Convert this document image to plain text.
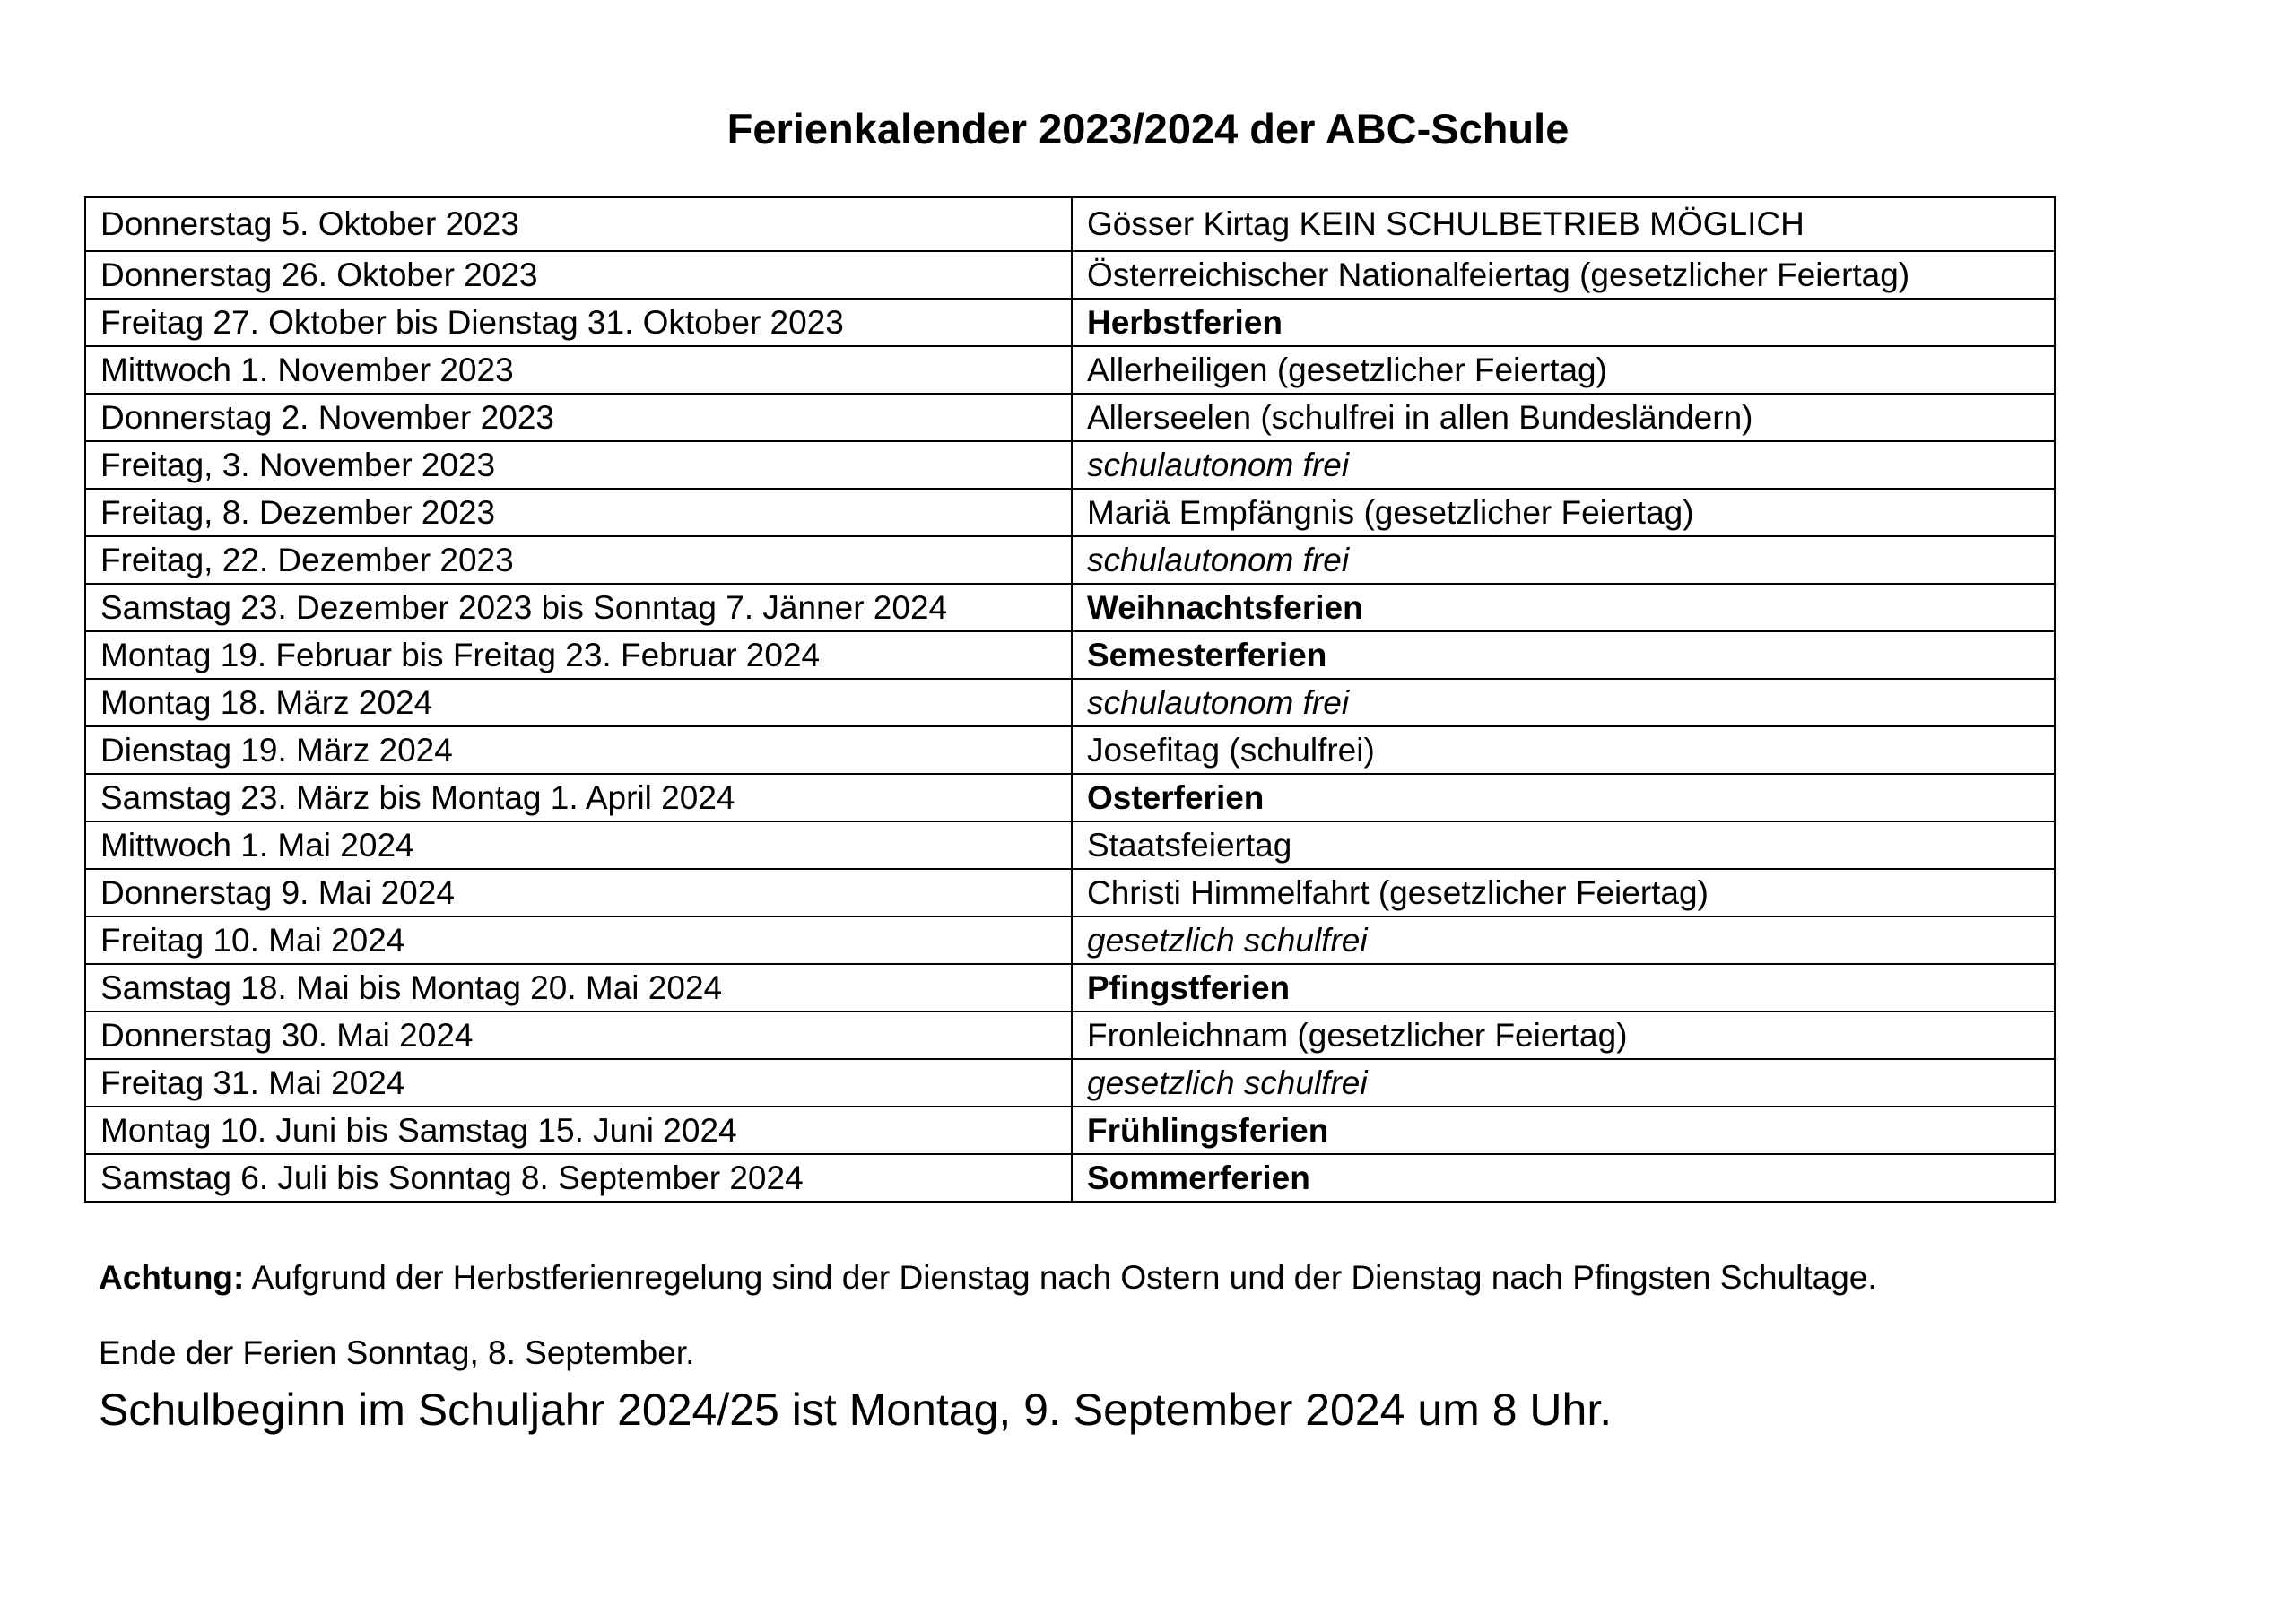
Ferienkalender 2023/2024 der ABC-Schule
Donnerstag 5. Oktober 2023	Gösser Kirtag KEIN SCHULBETRIEB MÖGLICH
Donnerstag 26. Oktober 2023	Österreichischer Nationalfeiertag (gesetzlicher Feiertag)
Freitag 27. Oktober bis Dienstag 31. Oktober 2023	Herbstferien
Mittwoch 1. November 2023	Allerheiligen (gesetzlicher Feiertag)
Donnerstag 2. November 2023	Allerseelen (schulfrei in allen Bundesländern)
Freitag, 3. November 2023	schulautonom frei
Freitag, 8. Dezember 2023	Mariä Empfängnis (gesetzlicher Feiertag)
Freitag, 22. Dezember 2023	schulautonom frei
Samstag 23. Dezember 2023 bis Sonntag 7. Jänner 2024	Weihnachtsferien
Montag 19. Februar bis Freitag 23. Februar 2024	Semesterferien
Montag 18. März 2024	schulautonom frei
Dienstag 19. März 2024	Josefitag (schulfrei)
Samstag 23. März bis Montag 1. April 2024	Osterferien
Mittwoch 1. Mai 2024	Staatsfeiertag
Donnerstag 9. Mai 2024	Christi Himmelfahrt (gesetzlicher Feiertag)
Freitag 10. Mai 2024	gesetzlich schulfrei
Samstag 18. Mai bis Montag 20. Mai 2024	Pfingstferien
Donnerstag 30. Mai 2024	Fronleichnam (gesetzlicher Feiertag)
Freitag 31. Mai 2024	gesetzlich schulfrei
Montag 10. Juni bis Samstag 15. Juni 2024	Frühlingsferien
Samstag 6. Juli bis Sonntag 8. September 2024	Sommerferien

Achtung: Aufgrund der Herbstferienregelung sind der Dienstag nach Ostern und der Dienstag nach Pfingsten Schultage.

Ende der Ferien Sonntag, 8. September.

Schulbeginn im Schuljahr 2024/25 ist Montag, 9. September 2024 um 8 Uhr.
